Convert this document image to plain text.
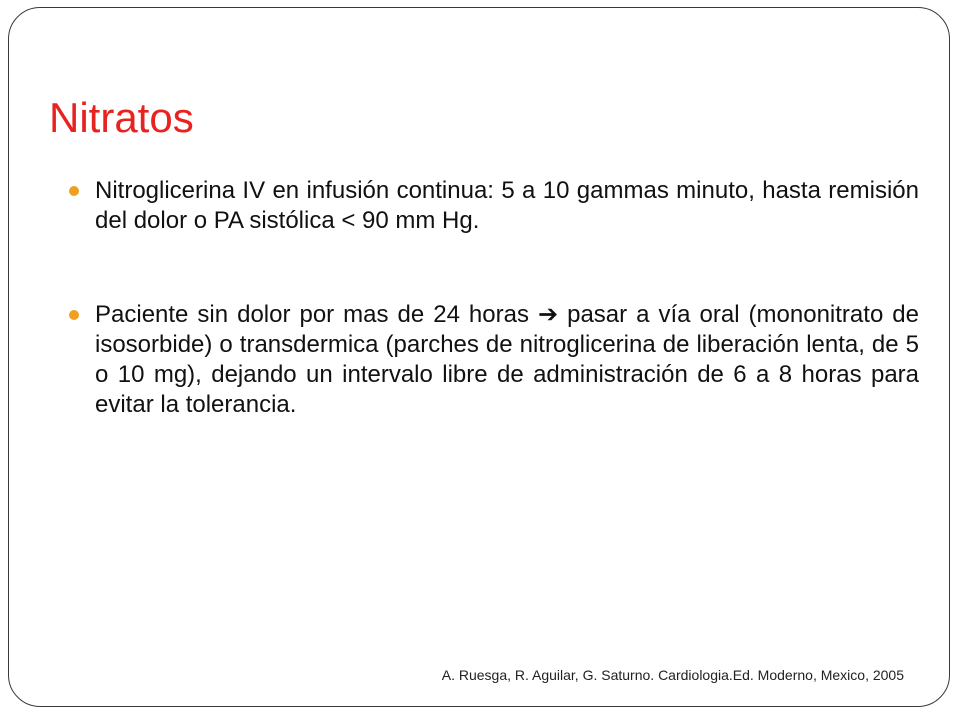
Nitratos
Nitroglicerina IV en infusión continua: 5 a 10 gammas minuto, hasta remisión del dolor o PA sistólica < 90 mm Hg.
Paciente sin dolor por mas de 24 horas ➔ pasar a vía oral (mononitrato de isosorbide) o transdermica (parches de nitroglicerina de liberación lenta, de 5 o 10 mg), dejando un intervalo libre de administración de 6 a 8 horas para evitar la tolerancia.
A. Ruesga, R. Aguilar, G. Saturno. Cardiologia.Ed. Moderno, Mexico, 2005
